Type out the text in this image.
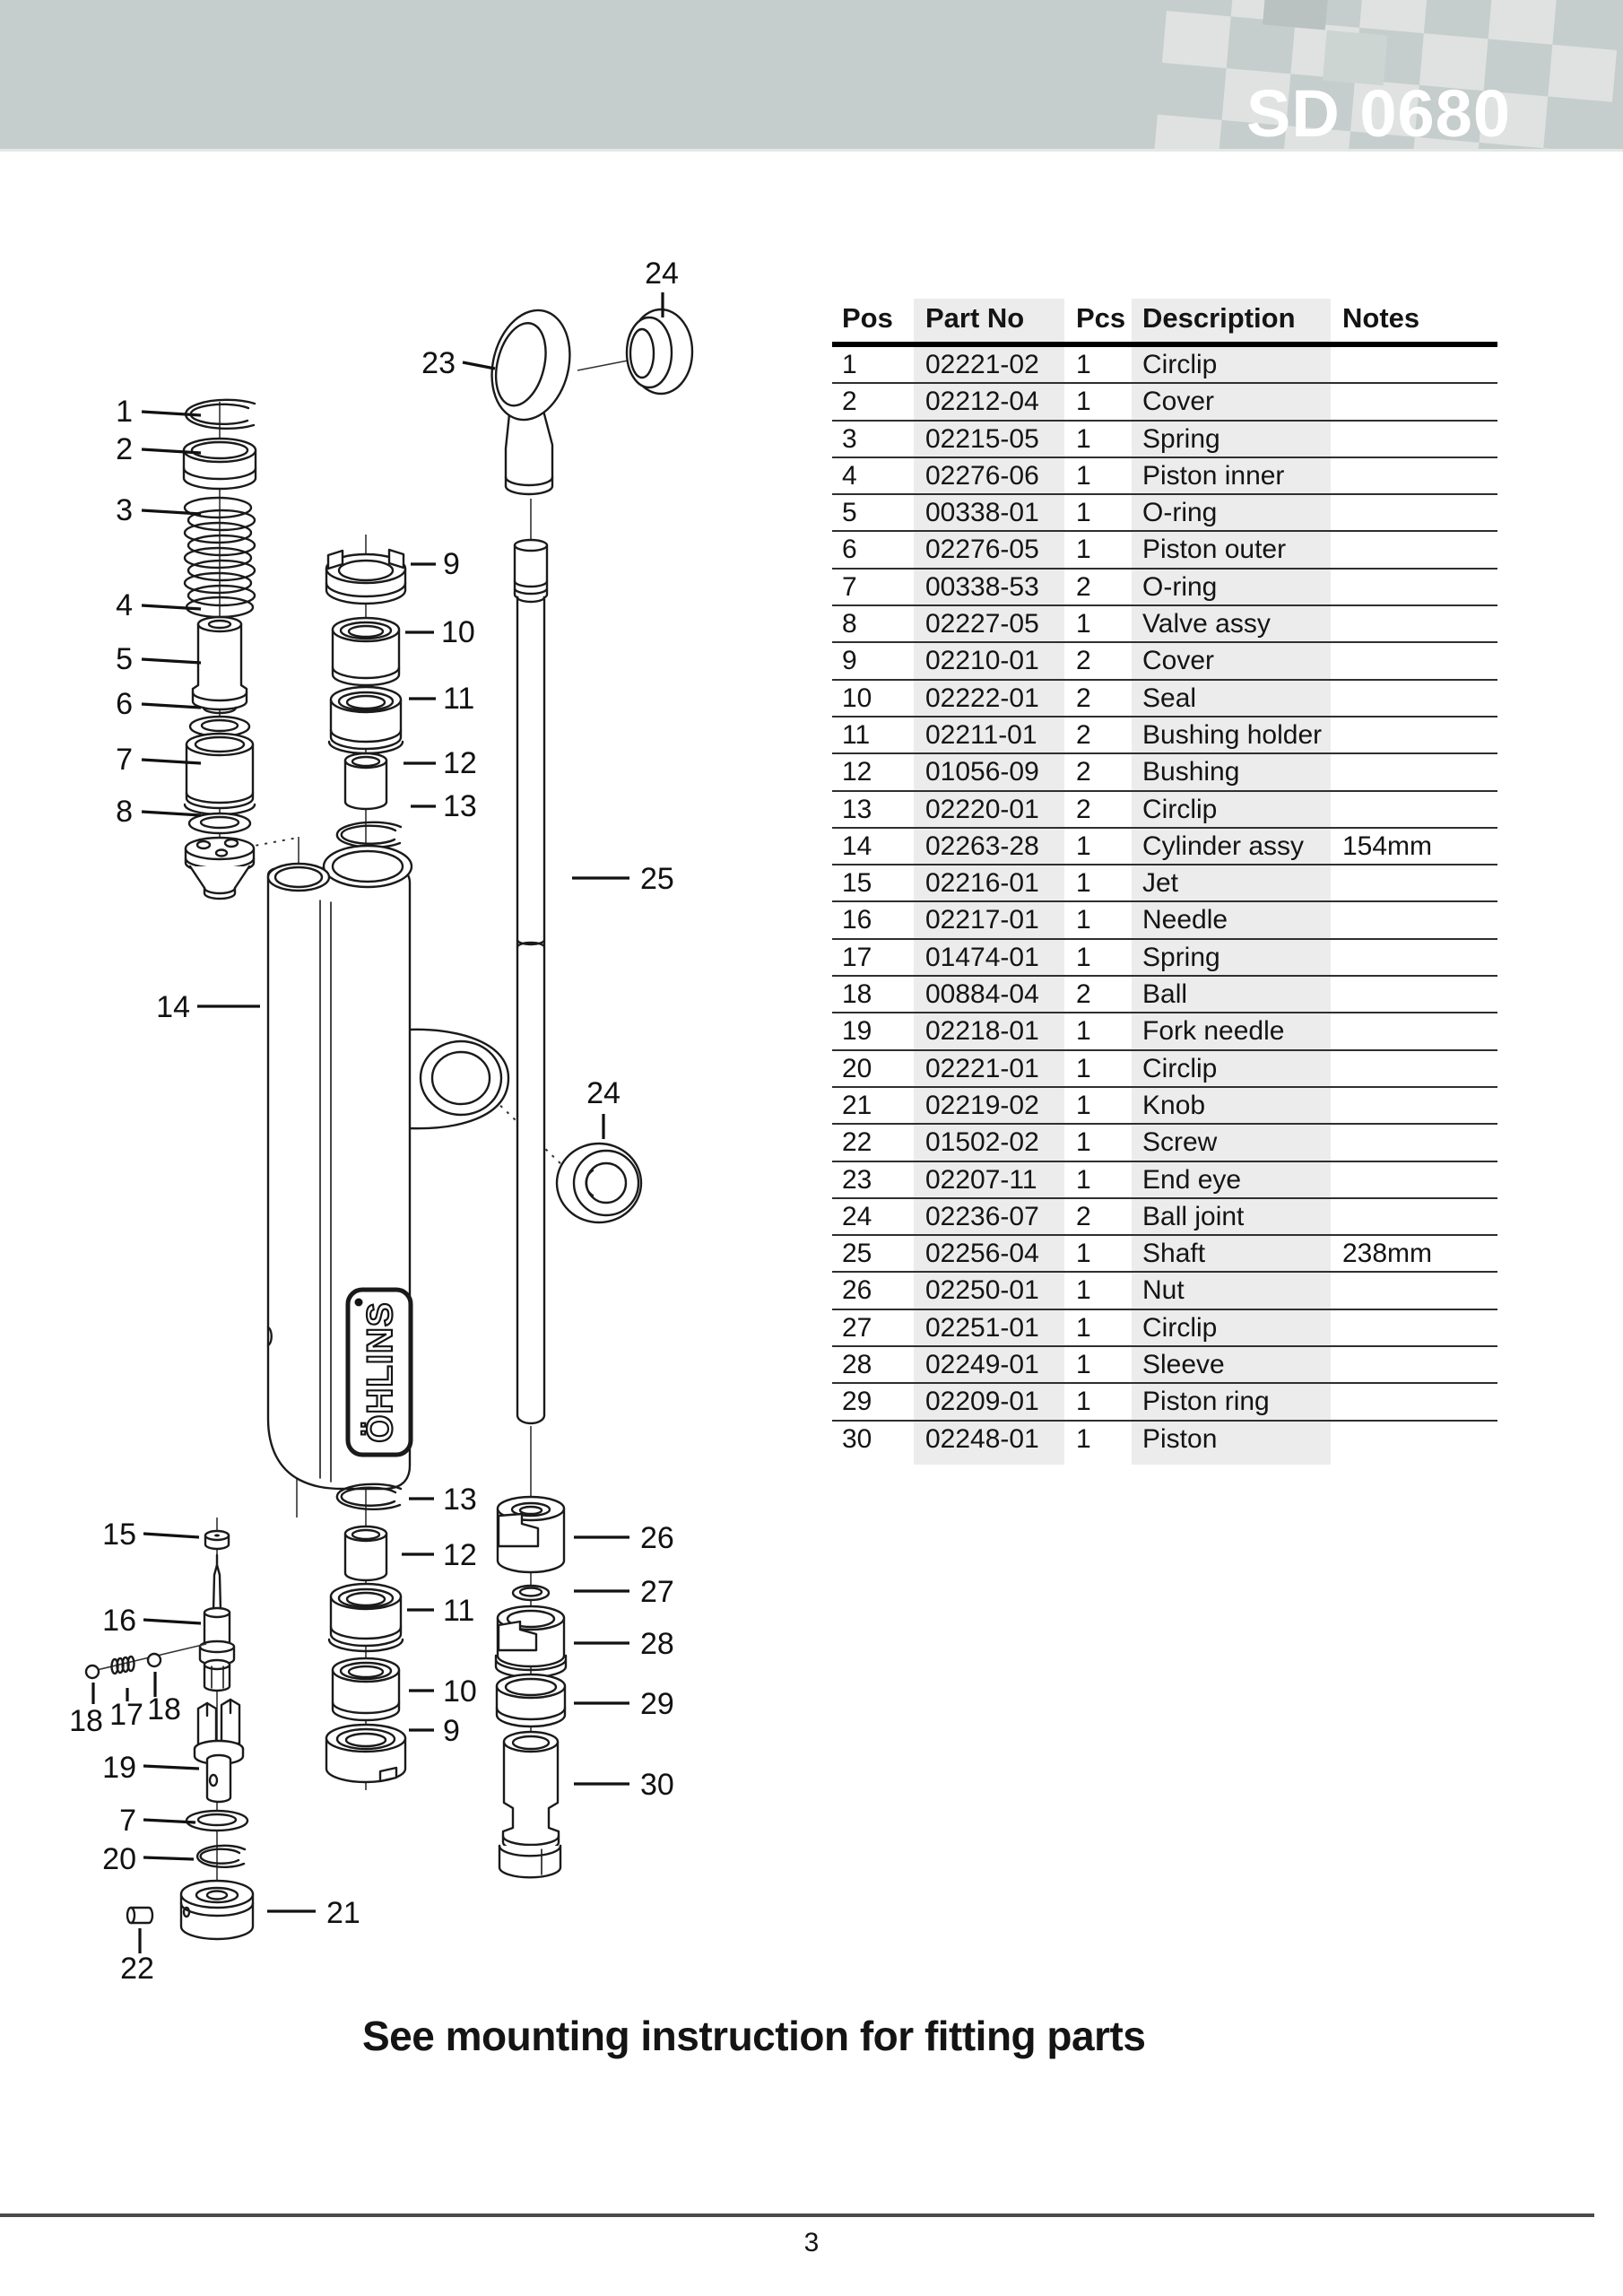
SD 0680
ÖHLINS
1
2
3
4
5
6
7
8
9
10
11
12
13
23
24
25
14
24
13
12
11
10
9
26
27
28
29
30
15
16
18 17 18
19
7
20
21
22
Pos	Part No	Pcs Description	Notes
1	02221-02	1	Circlip
2	02212-04	1	Cover
3	02215-05	1	Spring
4	02276-06	1	Piston inner
5	00338-01	1	O-ring
6	02276-05	1	Piston outer
7	00338-53	2	O-ring
8	02227-05	1	Valve assy
9	02210-01	2	Cover
10	02222-01	2	Seal
11	02211-01	2	Bushing holder
12	01056-09	2	Bushing
13	02220-01	2	Circlip
14	02263-28	1	Cylinder assy	154mm
15	02216-01	1	Jet
16	02217-01	1	Needle
17	01474-01	1	Spring
18	00884-04	2	Ball
19	02218-01	1	Fork needle
20	02221-01	1	Circlip
21	02219-02	1	Knob
22	01502-02	1	Screw
23	02207-11	1	End eye
24	02236-07	2	Ball joint
25	02256-04	1	Shaft	238mm
26	02250-01	1	Nut
27	02251-01	1	Circlip
28	02249-01	1	Sleeve
29	02209-01	1	Piston ring
30	02248-01	1	Piston
See mounting instruction for fitting parts
3
